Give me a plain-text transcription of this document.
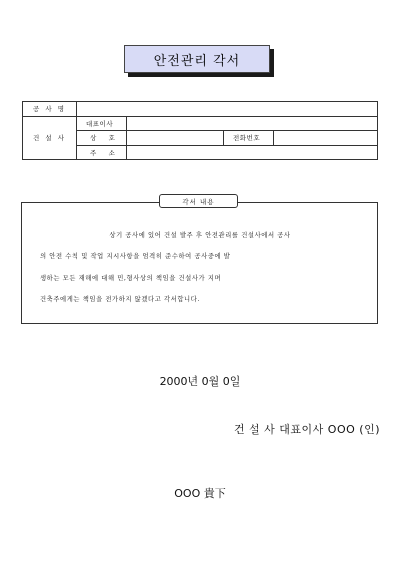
안전관리 각서
공 사 명				
건 설 사	대표이사			
	상      호		전화번호	
	주      소			
각서 내용
상기 공사에 있어 건설 발주 후 안전관리를 건설사에서 공사
의 안전 수칙 및 작업 지시사항을 엄격히 준수하여 공사중에 발
생하는 모든 재해에 대해 민,형사상의 책임을 건설사가 지며
건축주에게는 책임을 전가하지 않겠다고 각서합니다.
2000년 0월 0일
건 설 사 대표이사 OOO (인)
OOO 貴下
